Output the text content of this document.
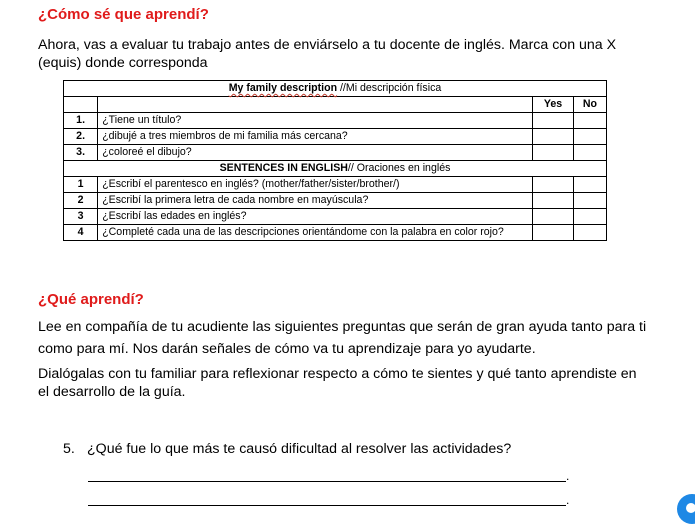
¿Cómo sé que aprendí?

Ahora, vas a evaluar tu trabajo antes de enviárselo a tu docente de inglés. Marca con una X (equis) donde corresponda

My family description //Mi descripción física			
		Yes	No
1.	¿Tiene un título?		
2.	¿dibujé a tres miembros de mi familia más cercana?		
3.	¿coloreé el dibujo?		
SENTENCES IN ENGLISH// Oraciones en inglés			
1	¿Escribí el parentesco en inglés? (mother/father/sister/brother/)		
2	¿Escribí la primera letra de cada nombre en mayúscula?		
3	¿Escribí las edades en inglés?		
4	¿Completé cada una de las descripciones orientándome con la palabra en color rojo?		
¿Qué aprendí?

Lee en compañía de tu acudiente las siguientes preguntas que serán de gran ayuda tanto para ti como para mí. Nos darán señales de cómo va tu aprendizaje para yo ayudarte.

Dialógalas con tu familiar para reflexionar respecto a cómo te sientes y qué tanto aprendiste en el desarrollo de la guía.

5. ¿Qué fue lo que más te causó dificultad al resolver las actividades?
.
.
